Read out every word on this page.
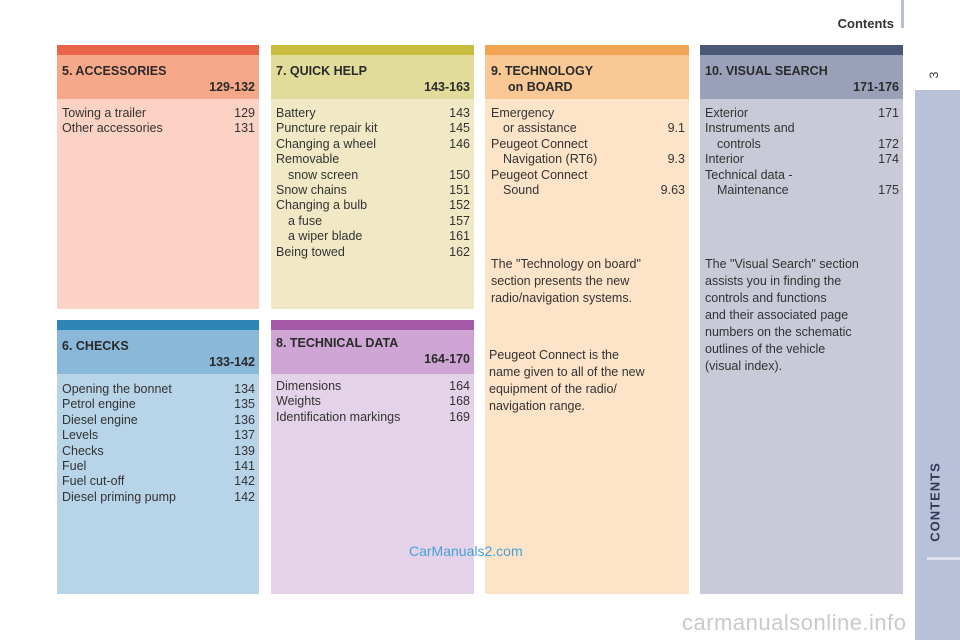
Contents
3
CONTENTS
5. ACCESSORIES
129-132
Towing a trailer	129
Other accessories	131
7. QUICK HELP
143-163
Battery	143
Puncture repair kit	145
Changing a wheel	146
Removable
snow screen	150
Snow chains	151
Changing a bulb	152
a fuse	157
a wiper blade	161
Being towed	162
9. TECHNOLOGY
on BOARD
Emergency
or assistance	9.1
Peugeot Connect
Navigation (RT6)	9.3
Peugeot Connect
Sound	9.63
The "Technology on board"
section presents the new
radio/navigation systems.
Peugeot Connect is the
name given to all of the new
equipment of the radio/
navigation range.
10. VISUAL SEARCH
171-176
Exterior	171
Instruments and
controls	172
Interior	174
Technical data -
Maintenance	175
The "Visual Search" section
assists you in finding the
controls and functions
and their associated page
numbers on the schematic
outlines of the vehicle
(visual index).
6. CHECKS
133-142
Opening the bonnet	134
Petrol engine	135
Diesel engine	136
Levels	137
Checks	139
Fuel	141
Fuel cut-off	142
Diesel priming pump	142
8. TECHNICAL DATA
164-170
Dimensions	164
Weights	168
Identification markings	169
CarManuals2.com
carmanualsonline.info
